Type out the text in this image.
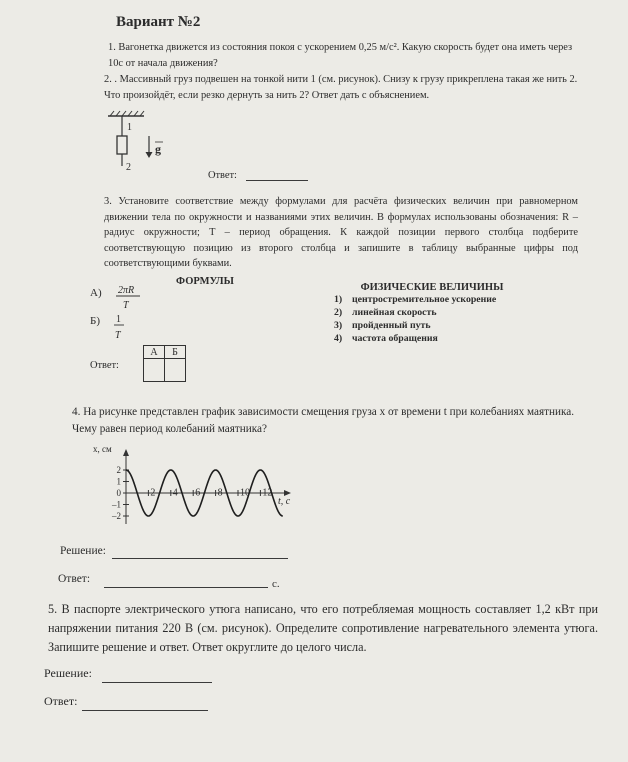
Вариант №2
1. Вагонетка движется из состояния покоя с ускорением 0,25 м/с². Какую скорость будет она иметь через 10с от начала движения?
2. . Массивный груз подвешен на тонкой нити 1 (см. рисунок). Снизу к грузу прикреплена такая же нить 2. Что произойдёт, если резко дернуть за нить 2? Ответ дать с объяснением.
1
2
g
Ответ:
3. Установите соответствие между формулами для расчёта физических величин при равномерном движении тела по окружности и названиями этих величин. В формулах использованы обозначения: R – радиус окружности; T – период обращения. К каждой позиции первого столбца подберите соответствующую позицию из второго столбца и запишите в таблицу выбранные цифры под соответствующими буквами.
ФОРМУЛЫ
ФИЗИЧЕСКИЕ ВЕЛИЧИНЫ
А) 2πR
T
Б) 1
T
1) центростремительное ускорение
2) линейная скорость
3) пройденный путь
4) частота обращения
Ответ:
А	Б

4. На рисунке представлен график зависимости смещения груза x от времени t при колебаниях маятника. Чему равен период колебаний маятника?
x, см
t, с
2 4 6 8 10 12
2
1
0
–1
–2
Решение:
Ответ:	с.
5. В паспорте электрического утюга написано, что его потребляемая мощность составляет 1,2 кВт при напряжении питания 220 В (см. рисунок). Определите сопротивление нагревательного элемента утюга. Запишите решение и ответ. Ответ округлите до целого числа.
Решение:
Ответ:
